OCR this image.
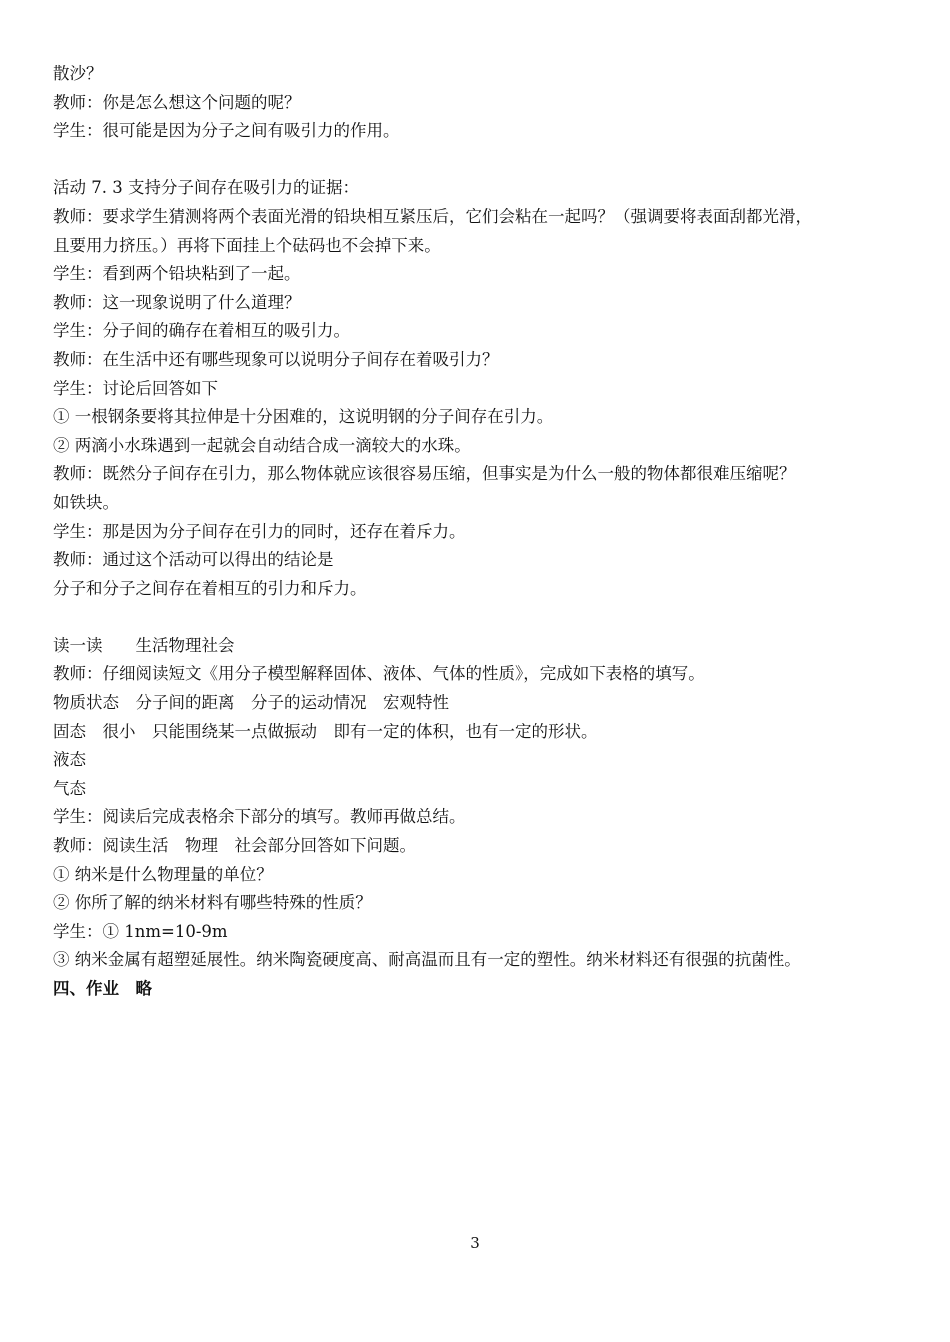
散沙？
教师：你是怎么想这个问题的呢？
学生：很可能是因为分子之间有吸引力的作用。
活动 7. 3 支持分子间存在吸引力的证据：
教师：要求学生猜测将两个表面光滑的铅块相互紧压后，它们会粘在一起吗？（强调要将表面刮都光滑，
且要用力挤压。）再将下面挂上个砝码也不会掉下来。
学生：看到两个铅块粘到了一起。
教师：这一现象说明了什么道理？
学生：分子间的确存在着相互的吸引力。
教师：在生活中还有哪些现象可以说明分子间存在着吸引力？
学生：讨论后回答如下
① 一根钢条要将其拉伸是十分困难的，这说明钢的分子间存在引力。
② 两滴小水珠遇到一起就会自动结合成一滴较大的水珠。
教师：既然分子间存在引力，那么物体就应该很容易压缩，但事实是为什么一般的物体都很难压缩呢？
如铁块。
学生：那是因为分子间存在引力的同时，还存在着斥力。
教师：通过这个活动可以得出的结论是
分子和分子之间存在着相互的引力和斥力。
读一读　　生活物理社会
教师：仔细阅读短文《用分子模型解释固体、液体、气体的性质》，完成如下表格的填写。
物质状态　分子间的距离　分子的运动情况　宏观特性
固态　很小　只能围绕某一点做振动　即有一定的体积，也有一定的形状。
液态
气态
学生：阅读后完成表格余下部分的填写。教师再做总结。
教师：阅读生活　物理　社会部分回答如下问题。
① 纳米是什么物理量的单位？
② 你所了解的纳米材料有哪些特殊的性质？
学生：① 1nm=10-9m
③ 纳米金属有超塑延展性。纳米陶瓷硬度高、耐高温而且有一定的塑性。纳米材料还有很强的抗菌性。
四、作业　略
3
